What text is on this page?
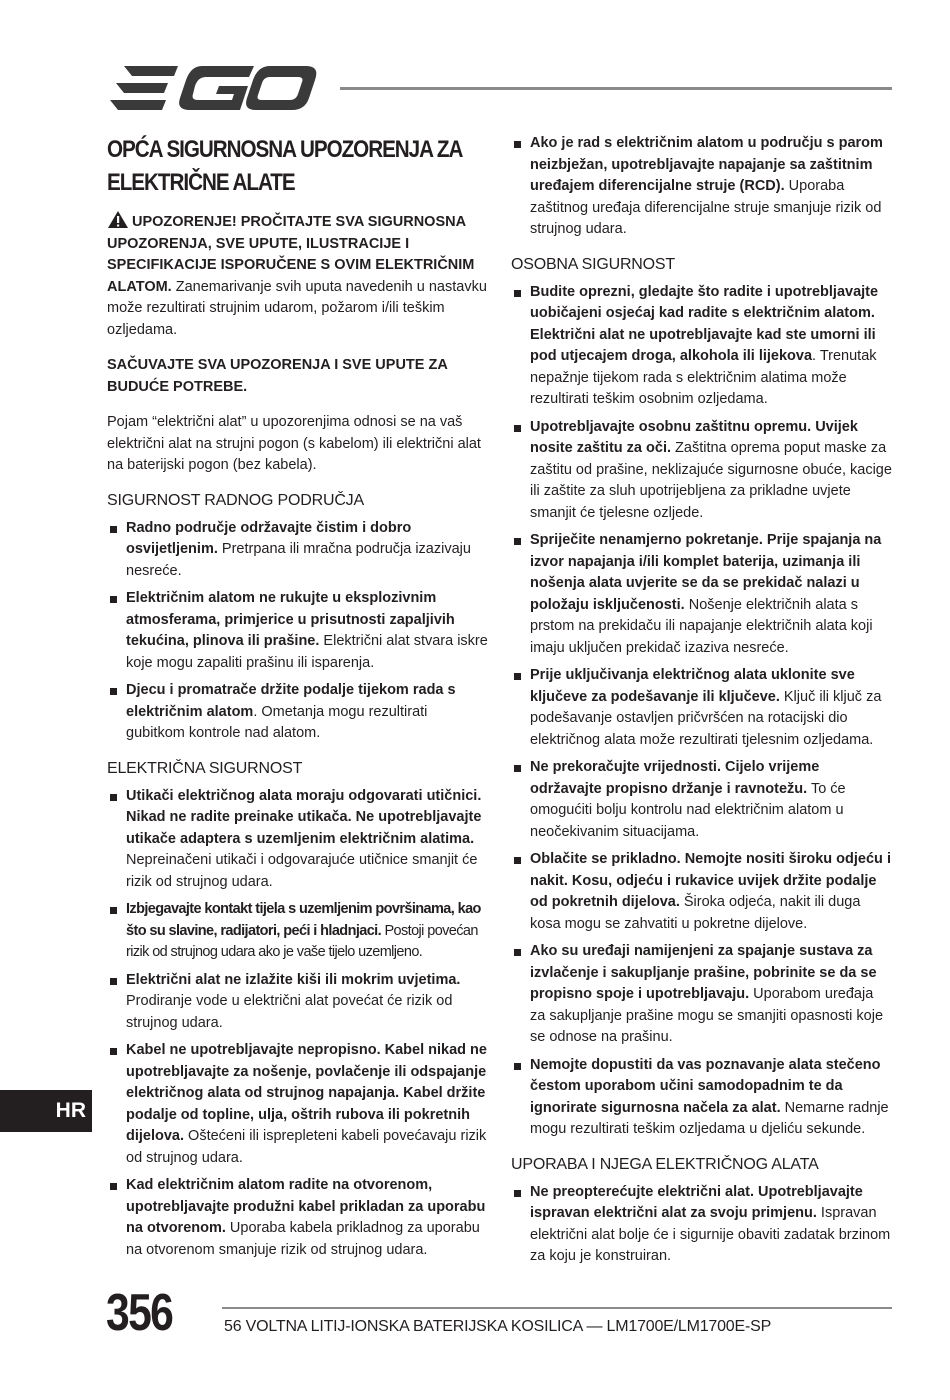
OPĆA SIGURNOSNA UPOZORENJA ZA ELEKTRIČNE ALATE

UPOZORENJE! PROČITAJTE SVA SIGURNOSNA UPOZORENJA, SVE UPUTE, ILUSTRACIJE I SPECIFIKACIJE ISPORUČENE S OVIM ELEKTRIČNIM ALATOM. Zanemarivanje svih uputa navedenih u nastavku može rezultirati strujnim udarom, požarom i/ili teškim ozljedama.

SAČUVAJTE SVA UPOZORENJA I SVE UPUTE ZA BUDUĆE POTREBE.

Pojam “električni alat” u upozorenjima odnosi se na vaš električni alat na strujni pogon (s kabelom) ili električni alat na baterijski pogon (bez kabela).

SIGURNOST RADNOG PODRUČJA
Radno područje održavajte čistim i dobro osvijetljenim. Pretrpana ili mračna područja izazivaju nesreće.
Električnim alatom ne rukujte u eksplozivnim atmosferama, primjerice u prisutnosti zapaljivih tekućina, plinova ili prašine. Električni alat stvara iskre koje mogu zapaliti prašinu ili isparenja.
Djecu i promatrače držite podalje tijekom rada s električnim alatom. Ometanja mogu rezultirati gubitkom kontrole nad alatom.
ELEKTRIČNA SIGURNOST
Utikači električnog alata moraju odgovarati utičnici. Nikad ne radite preinake utikača. Ne upotrebljavajte utikače adaptera s uzemljenim električnim alatima. Nepreinačeni utikači i odgovarajuće utičnice smanjit će rizik od strujnog udara.
Izbjegavajte kontakt tijela s uzemljenim površinama, kao što su slavine, radijatori, peći i hladnjaci. Postoji povećan rizik od strujnog udara ako je vaše tijelo uzemljeno.
Električni alat ne izlažite kiši ili mokrim uvjetima. Prodiranje vode u električni alat povećat će rizik od strujnog udara.
Kabel ne upotrebljavajte nepropisno. Kabel nikad ne upotrebljavajte za nošenje, povlačenje ili odspajanje električnog alata od strujnog napajanja. Kabel držite podalje od topline, ulja, oštrih rubova ili pokretnih dijelova. Oštećeni ili isprepleteni kabeli povećavaju rizik od strujnog udara.
Kad električnim alatom radite na otvorenom, upotrebljavajte produžni kabel prikladan za uporabu na otvorenom. Uporaba kabela prikladnog za uporabu na otvorenom smanjuje rizik od strujnog udara.
Ako je rad s električnim alatom u području s parom neizbježan, upotrebljavajte napajanje sa zaštitnim uređajem diferencijalne struje (RCD). Uporaba zaštitnog uređaja diferencijalne struje smanjuje rizik od strujnog udara.
OSOBNA SIGURNOST
Budite oprezni, gledajte što radite i upotrebljavajte uobičajeni osjećaj kad radite s električnim alatom. Električni alat ne upotrebljavajte kad ste umorni ili pod utjecajem droga, alkohola ili lijekova. Trenutak nepažnje tijekom rada s električnim alatima može rezultirati teškim osobnim ozljedama.
Upotrebljavajte osobnu zaštitnu opremu. Uvijek nosite zaštitu za oči. Zaštitna oprema poput maske za zaštitu od prašine, neklizajuće sigurnosne obuće, kacige ili zaštite za sluh upotrijebljena za prikladne uvjete smanjit će tjelesne ozljede.
Spriječite nenamjerno pokretanje. Prije spajanja na izvor napajanja i/ili komplet baterija, uzimanja ili nošenja alata uvjerite se da se prekidač nalazi u položaju isključenosti. Nošenje električnih alata s prstom na prekidaču ili napajanje električnih alata koji imaju uključen prekidač izaziva nesreće.
Prije uključivanja električnog alata uklonite sve ključeve za podešavanje ili ključeve. Ključ ili ključ za podešavanje ostavljen pričvršćen na rotacijski dio električnog alata može rezultirati tjelesnim ozljedama.
Ne prekoračujte vrijednosti. Cijelo vrijeme održavajte propisno držanje i ravnotežu. To će omogućiti bolju kontrolu nad električnim alatom u neočekivanim situacijama.
Oblačite se prikladno. Nemojte nositi široku odjeću i nakit. Kosu, odjeću i rukavice uvijek držite podalje od pokretnih dijelova. Široka odjeća, nakit ili duga kosa mogu se zahvatiti u pokretne dijelove.
Ako su uređaji namijenjeni za spajanje sustava za izvlačenje i sakupljanje prašine, pobrinite se da se propisno spoje i upotrebljavaju. Uporabom uređaja za sakupljanje prašine mogu se smanjiti opasnosti koje se odnose na prašinu.
Nemojte dopustiti da vas poznavanje alata stečeno čestom uporabom učini samodopadnim te da ignorirate sigurnosna načela za alat. Nemarne radnje mogu rezultirati teškim ozljedama u djeliću sekunde.
UPORABA I NJEGA ELEKTRIČNOG ALATA
Ne preopterećujte električni alat. Upotrebljavajte ispravan električni alat za svoju primjenu. Ispravan električni alat bolje će i sigurnije obaviti zadatak brzinom za koju je konstruiran.
HR
356	56 VOLTNA LITIJ-IONSKA BATERIJSKA KOSILICA — LM1700E/LM1700E-SP
